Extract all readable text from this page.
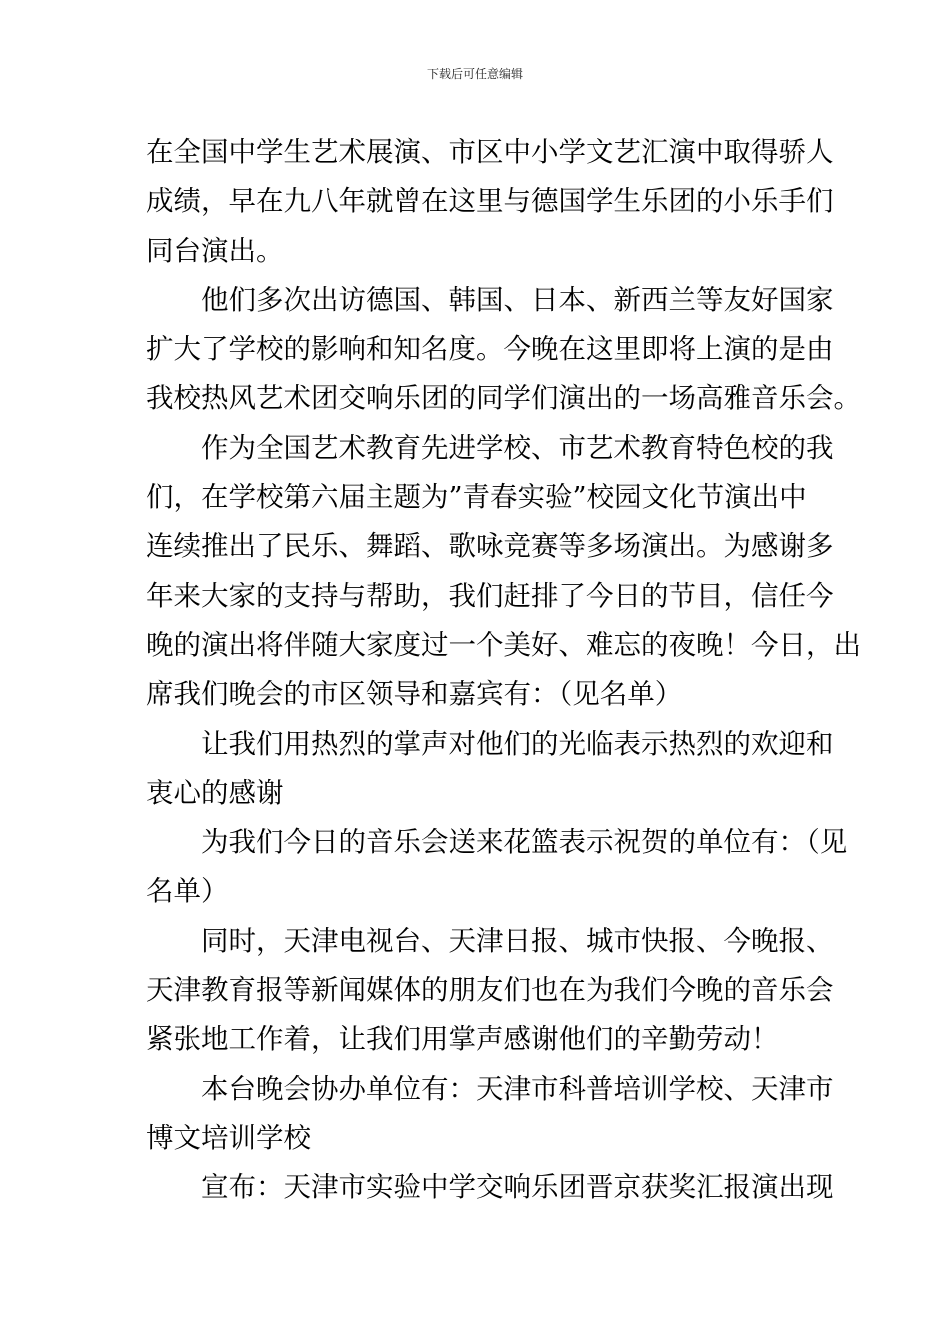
下载后可任意编辑
在全国中学生艺术展演、市区中小学文艺汇演中取得骄人
成绩，早在九八年就曾在这里与德国学生乐团的小乐手们
同台演出。
他们多次出访德国、韩国、日本、新西兰等友好国家
扩大了学校的影响和知名度。今晚在这里即将上演的是由
我校热风艺术团交响乐团的同学们演出的一场高雅音乐会。
作为全国艺术教育先进学校、市艺术教育特色校的我
们，在学校第六届主题为”青春实验”校园文化节演出中
连续推出了民乐、舞蹈、歌咏竞赛等多场演出。为感谢多
年来大家的支持与帮助，我们赶排了今日的节目，信任今
晚的演出将伴随大家度过一个美好、难忘的夜晚！今日，出
席我们晚会的市区领导和嘉宾有：（见名单）
让我们用热烈的掌声对他们的光临表示热烈的欢迎和
衷心的感谢
为我们今日的音乐会送来花篮表示祝贺的单位有：（见
名单）
同时，天津电视台、天津日报、城市快报、今晚报、
天津教育报等新闻媒体的朋友们也在为我们今晚的音乐会
紧张地工作着，让我们用掌声感谢他们的辛勤劳动！
本台晚会协办单位有：天津市科普培训学校、天津市
博文培训学校
宣布：天津市实验中学交响乐团晋京获奖汇报演出现
